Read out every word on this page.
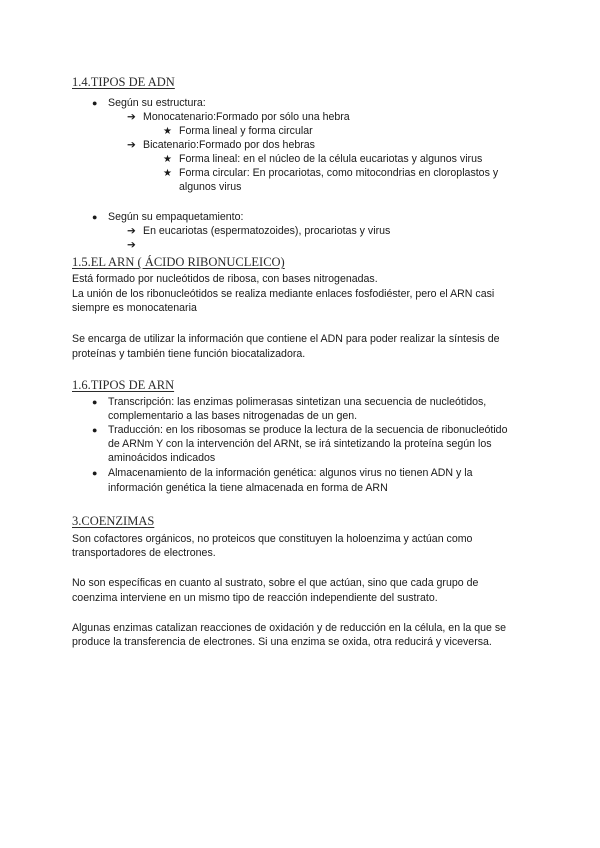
1.4.TIPOS DE ADN
● Según su estructura:
➔ Monocatenario:Formado por sólo una hebra
★ Forma lineal y forma circular
➔ Bicatenario:Formado por dos hebras
★ Forma lineal: en el núcleo de la célula eucariotas y algunos virus
★ Forma circular: En procariotas, como mitocondrias en cloroplastos y
algunos virus
● Según su empaquetamiento:
➔ En eucariotas (espermatozoides), procariotas y virus
➔
1.5.EL ARN ( ÁCIDO RIBONUCLEICO)
Está formado por nucleótidos de ribosa, con bases nitrogenadas.
La unión de los ribonucleótidos se realiza mediante enlaces fosfodiéster, pero el ARN casi
siempre es monocatenaria
Se encarga de utilizar la información que contiene el ADN para poder realizar la síntesis de
proteínas y también tiene función biocatalizadora.
1.6.TIPOS DE ARN
● Transcripción: las enzimas polimerasas sintetizan una secuencia de nucleótidos,
complementario a las bases nitrogenadas de un gen.
● Traducción: en los ribosomas se produce la lectura de la secuencia de ribonucleótido
de ARNm Y con la intervención del ARNt, se irá sintetizando la proteína según los
aminoácidos indicados
● Almacenamiento de la información genética: algunos virus no tienen ADN y la
información genética la tiene almacenada en forma de ARN
3.COENZIMAS
Son cofactores orgánicos, no proteicos que constituyen la holoenzima y actúan como
transportadores de electrones.
No son específicas en cuanto al sustrato, sobre el que actúan, sino que cada grupo de
coenzima interviene en un mismo tipo de reacción independiente del sustrato.
Algunas enzimas catalizan reacciones de oxidación y de reducción en la célula, en la que se
produce la transferencia de electrones. Si una enzima se oxida, otra reducirá y viceversa.
